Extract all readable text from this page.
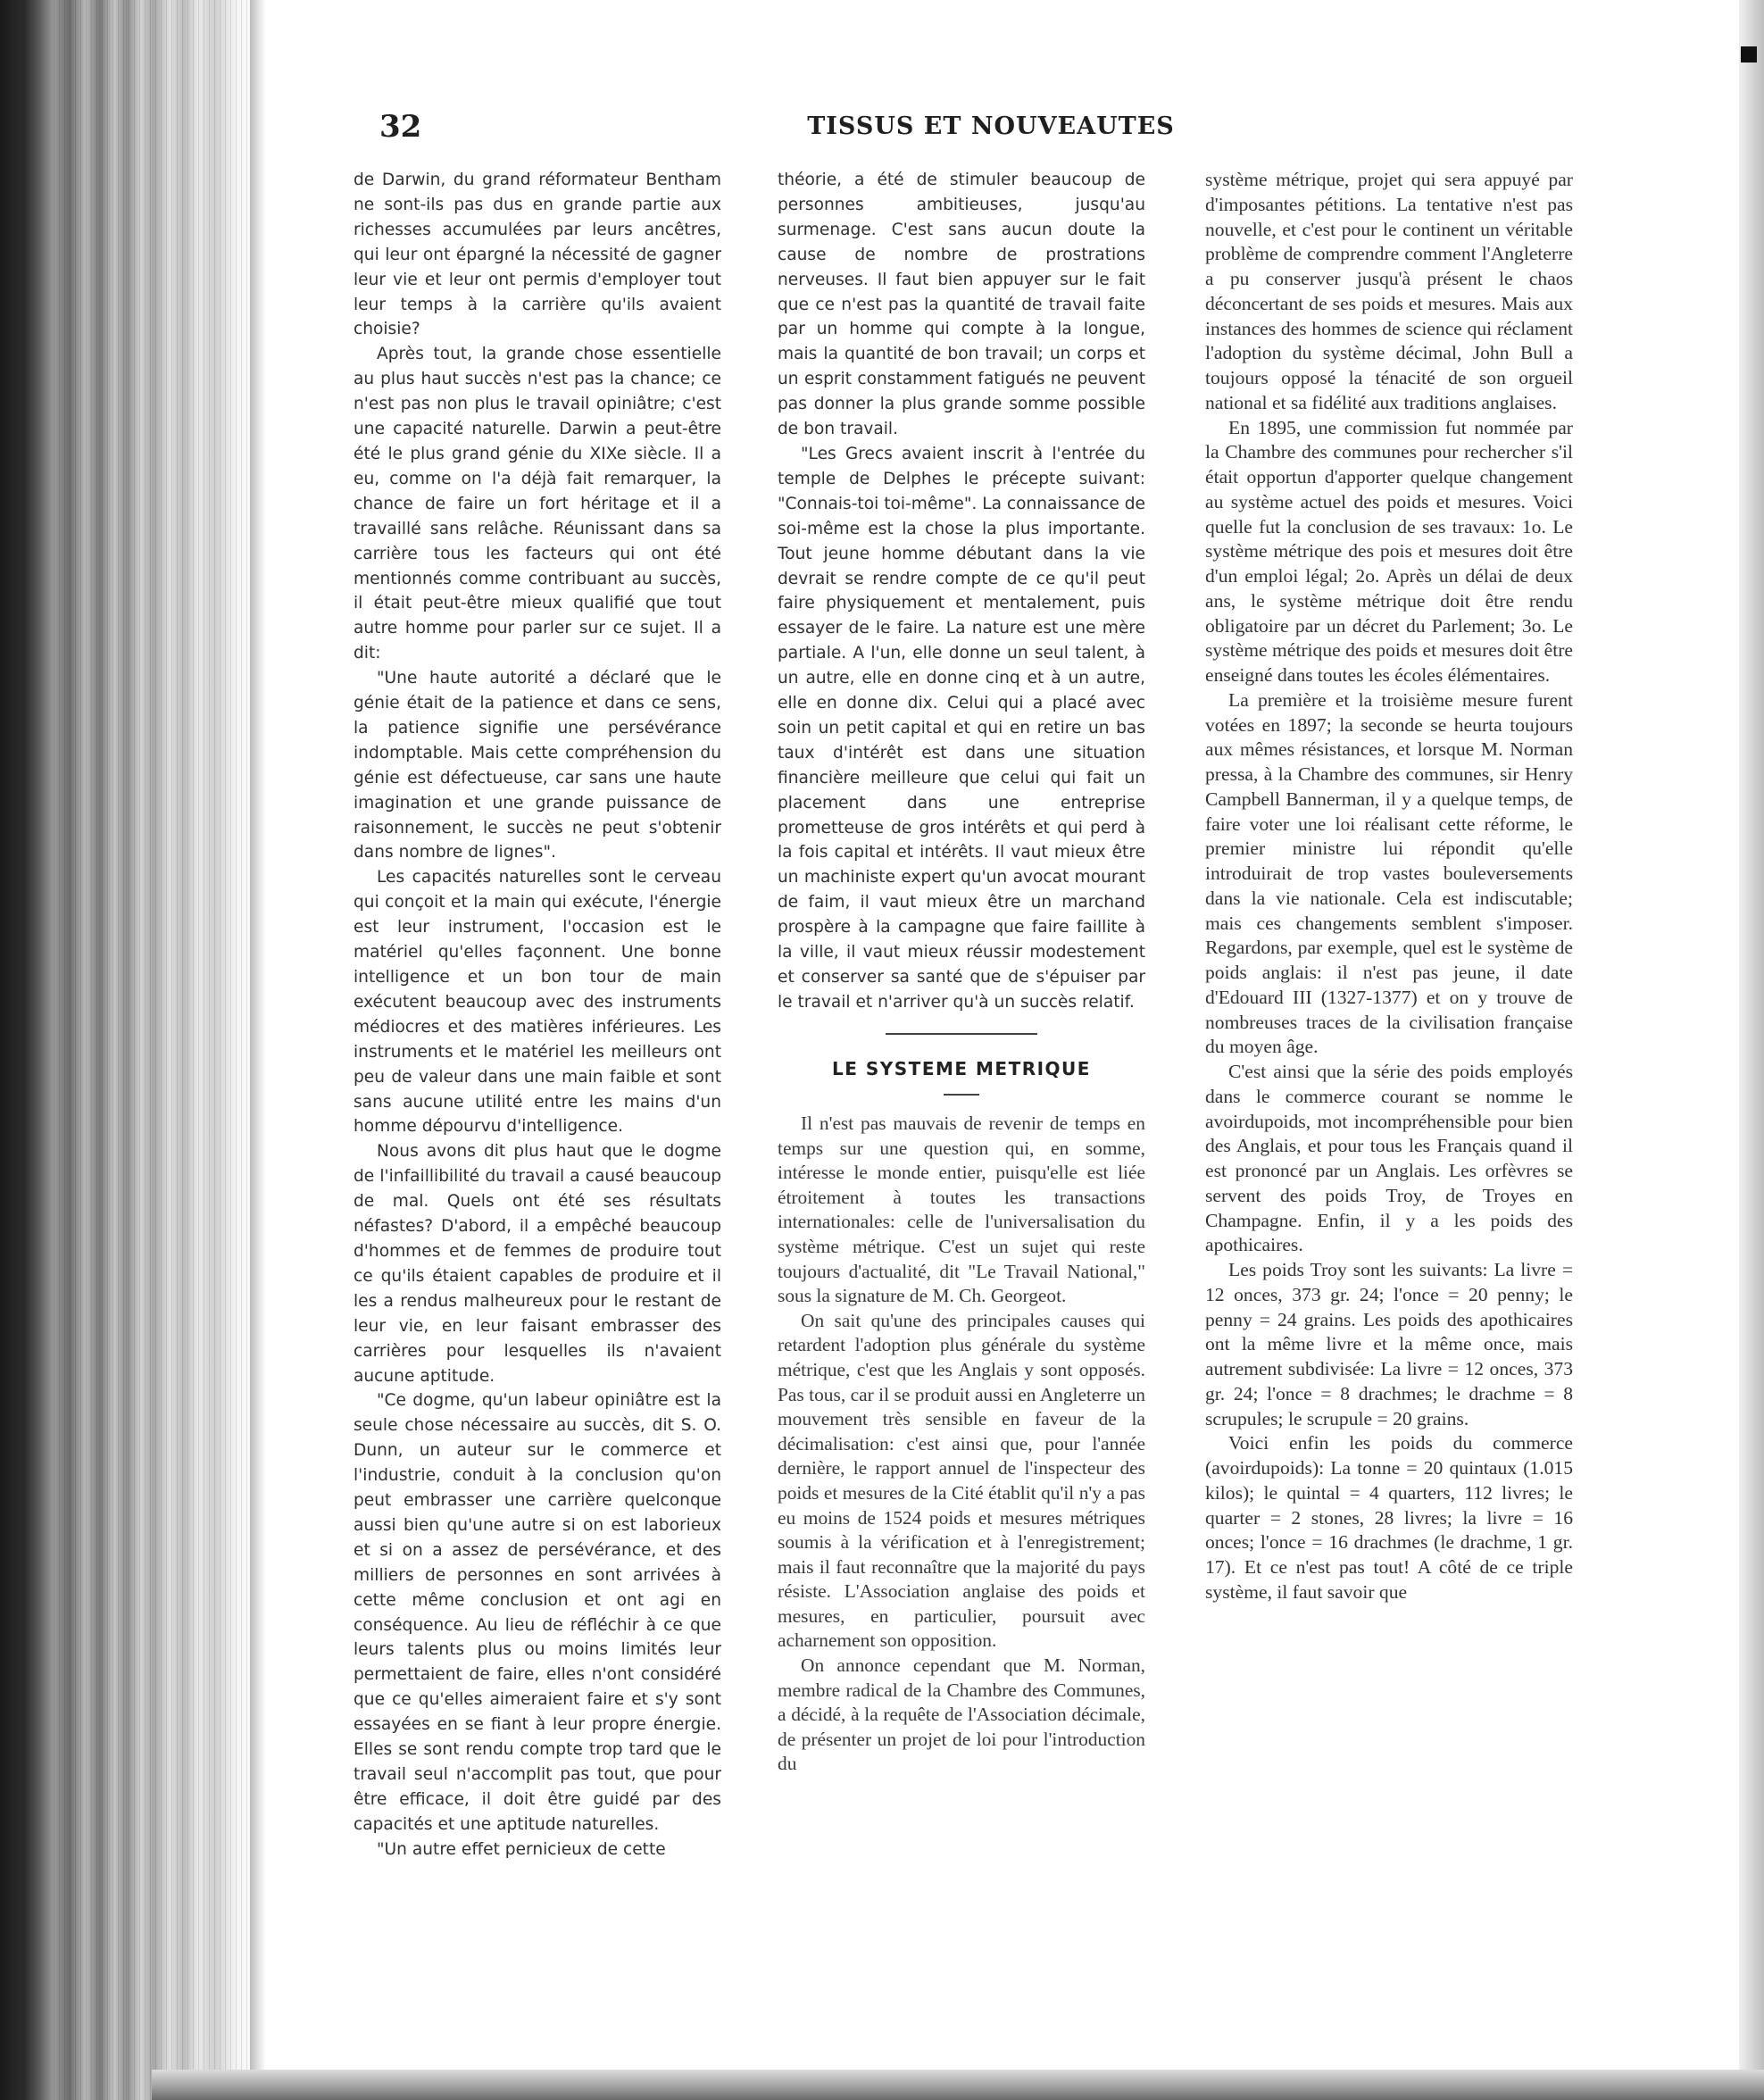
32	TISSUS ET NOUVEAUTES

de Darwin, du grand réformateur Bentham ne sont-ils pas dus en grande partie aux richesses accumulées par leurs ancêtres, qui leur ont épargné la nécessité de gagner leur vie et leur ont permis d'employer tout leur temps à la carrière qu'ils avaient choisie?

Après tout, la grande chose essentielle au plus haut succès n'est pas la chance; ce n'est pas non plus le travail opiniâtre; c'est une capacité naturelle. Darwin a peut-être été le plus grand génie du XIXe siècle. Il a eu, comme on l'a déjà fait remarquer, la chance de faire un fort héritage et il a travaillé sans relâche. Réunissant dans sa carrière tous les facteurs qui ont été mentionnés comme contribuant au succès, il était peut-être mieux qualifié que tout autre homme pour parler sur ce sujet. Il a dit:

"Une haute autorité a déclaré que le génie était de la patience et dans ce sens, la patience signifie une persévérance indomptable. Mais cette compréhension du génie est défectueuse, car sans une haute imagination et une grande puissance de raisonnement, le succès ne peut s'obtenir dans nombre de lignes".

Les capacités naturelles sont le cerveau qui conçoit et la main qui exécute, l'énergie est leur instrument, l'occasion est le matériel qu'elles façonnent. Une bonne intelligence et un bon tour de main exécutent beaucoup avec des instruments médiocres et des matières inférieures. Les instruments et le matériel les meilleurs ont peu de valeur dans une main faible et sont sans aucune utilité entre les mains d'un homme dépourvu d'intelligence.

Nous avons dit plus haut que le dogme de l'infaillibilité du travail a causé beaucoup de mal. Quels ont été ses résultats néfastes? D'abord, il a empêché beaucoup d'hommes et de femmes de produire tout ce qu'ils étaient capables de produire et il les a rendus malheureux pour le restant de leur vie, en leur faisant embrasser des carrières pour lesquelles ils n'avaient aucune aptitude.

"Ce dogme, qu'un labeur opiniâtre est la seule chose nécessaire au succès, dit S. O. Dunn, un auteur sur le commerce et l'industrie, conduit à la conclusion qu'on peut embrasser une carrière quelconque aussi bien qu'une autre si on est laborieux et si on a assez de persévérance, et des milliers de personnes en sont arrivées à cette même conclusion et ont agi en conséquence. Au lieu de réfléchir à ce que leurs talents plus ou moins limités leur permettaient de faire, elles n'ont considéré que ce qu'elles aimeraient faire et s'y sont essayées en se fiant à leur propre énergie. Elles se sont rendu compte trop tard que le travail seul n'accomplit pas tout, que pour être efficace, il doit être guidé par des capacités et une aptitude naturelles.

"Un autre effet pernicieux de cette

théorie, a été de stimuler beaucoup de personnes ambitieuses, jusqu'au surmenage. C'est sans aucun doute la cause de nombre de prostrations nerveuses. Il faut bien appuyer sur le fait que ce n'est pas la quantité de travail faite par un homme qui compte à la longue, mais la quantité de bon travail; un corps et un esprit constamment fatigués ne peuvent pas donner la plus grande somme possible de bon travail.

"Les Grecs avaient inscrit à l'entrée du temple de Delphes le précepte suivant: "Connais-toi toi-même". La connaissance de soi-même est la chose la plus importante. Tout jeune homme débutant dans la vie devrait se rendre compte de ce qu'il peut faire physiquement et mentalement, puis essayer de le faire. La nature est une mère partiale. A l'un, elle donne un seul talent, à un autre, elle en donne cinq et à un autre, elle en donne dix. Celui qui a placé avec soin un petit capital et qui en retire un bas taux d'intérêt est dans une situation financière meilleure que celui qui fait un placement dans une entreprise prometteuse de gros intérêts et qui perd à la fois capital et intérêts. Il vaut mieux être un machiniste expert qu'un avocat mourant de faim, il vaut mieux être un marchand prospère à la campagne que faire faillite à la ville, il vaut mieux réussir modestement et conserver sa santé que de s'épuiser par le travail et n'arriver qu'à un succès relatif.

LE SYSTEME METRIQUE

Il n'est pas mauvais de revenir de temps en temps sur une question qui, en somme, intéresse le monde entier, puisqu'elle est liée étroitement à toutes les transactions internationales: celle de l'universalisation du système métrique. C'est un sujet qui reste toujours d'actualité, dit "Le Travail National," sous la signature de M. Ch. Georgeot.

On sait qu'une des principales causes qui retardent l'adoption plus générale du système métrique, c'est que les Anglais y sont opposés. Pas tous, car il se produit aussi en Angleterre un mouvement très sensible en faveur de la décimalisation: c'est ainsi que, pour l'année dernière, le rapport annuel de l'inspecteur des poids et mesures de la Cité établit qu'il n'y a pas eu moins de 1524 poids et mesures métriques soumis à la vérification et à l'enregistrement; mais il faut reconnaître que la majorité du pays résiste. L'Association anglaise des poids et mesures, en particulier, poursuit avec acharnement son opposition.

On annonce cependant que M. Norman, membre radical de la Chambre des Communes, a décidé, à la requête de l'Association décimale, de présenter un projet de loi pour l'introduction du

système métrique, projet qui sera appuyé par d'imposantes pétitions. La tentative n'est pas nouvelle, et c'est pour le continent un véritable problème de comprendre comment l'Angleterre a pu conserver jusqu'à présent le chaos déconcertant de ses poids et mesures. Mais aux instances des hommes de science qui réclament l'adoption du système décimal, John Bull a toujours opposé la ténacité de son orgueil national et sa fidélité aux traditions anglaises.

En 1895, une commission fut nommée par la Chambre des communes pour rechercher s'il était opportun d'apporter quelque changement au système actuel des poids et mesures. Voici quelle fut la conclusion de ses travaux: 1o. Le système métrique des pois et mesures doit être d'un emploi légal; 2o. Après un délai de deux ans, le système métrique doit être rendu obligatoire par un décret du Parlement; 3o. Le système métrique des poids et mesures doit être enseigné dans toutes les écoles élémentaires.

La première et la troisième mesure furent votées en 1897; la seconde se heurta toujours aux mêmes résistances, et lorsque M. Norman pressa, à la Chambre des communes, sir Henry Campbell Bannerman, il y a quelque temps, de faire voter une loi réalisant cette réforme, le premier ministre lui répondit qu'elle introduirait de trop vastes bouleversements dans la vie nationale. Cela est indiscutable; mais ces changements semblent s'imposer. Regardons, par exemple, quel est le système de poids anglais: il n'est pas jeune, il date d'Edouard III (1327-1377) et on y trouve de nombreuses traces de la civilisation française du moyen âge.

C'est ainsi que la série des poids employés dans le commerce courant se nomme le avoirdupoids, mot incompréhensible pour bien des Anglais, et pour tous les Français quand il est prononcé par un Anglais. Les orfèvres se servent des poids Troy, de Troyes en Champagne. Enfin, il y a les poids des apothicaires.

Les poids Troy sont les suivants: La livre = 12 onces, 373 gr. 24; l'once = 20 penny; le penny = 24 grains. Les poids des apothicaires ont la même livre et la même once, mais autrement subdivisée: La livre = 12 onces, 373 gr. 24; l'once = 8 drachmes; le drachme = 8 scrupules; le scrupule = 20 grains.

Voici enfin les poids du commerce (avoirdupoids): La tonne = 20 quintaux (1.015 kilos); le quintal = 4 quarters, 112 livres; le quarter = 2 stones, 28 livres; la livre = 16 onces; l'once = 16 drachmes (le drachme, 1 gr. 17). Et ce n'est pas tout! A côté de ce triple système, il faut savoir que
